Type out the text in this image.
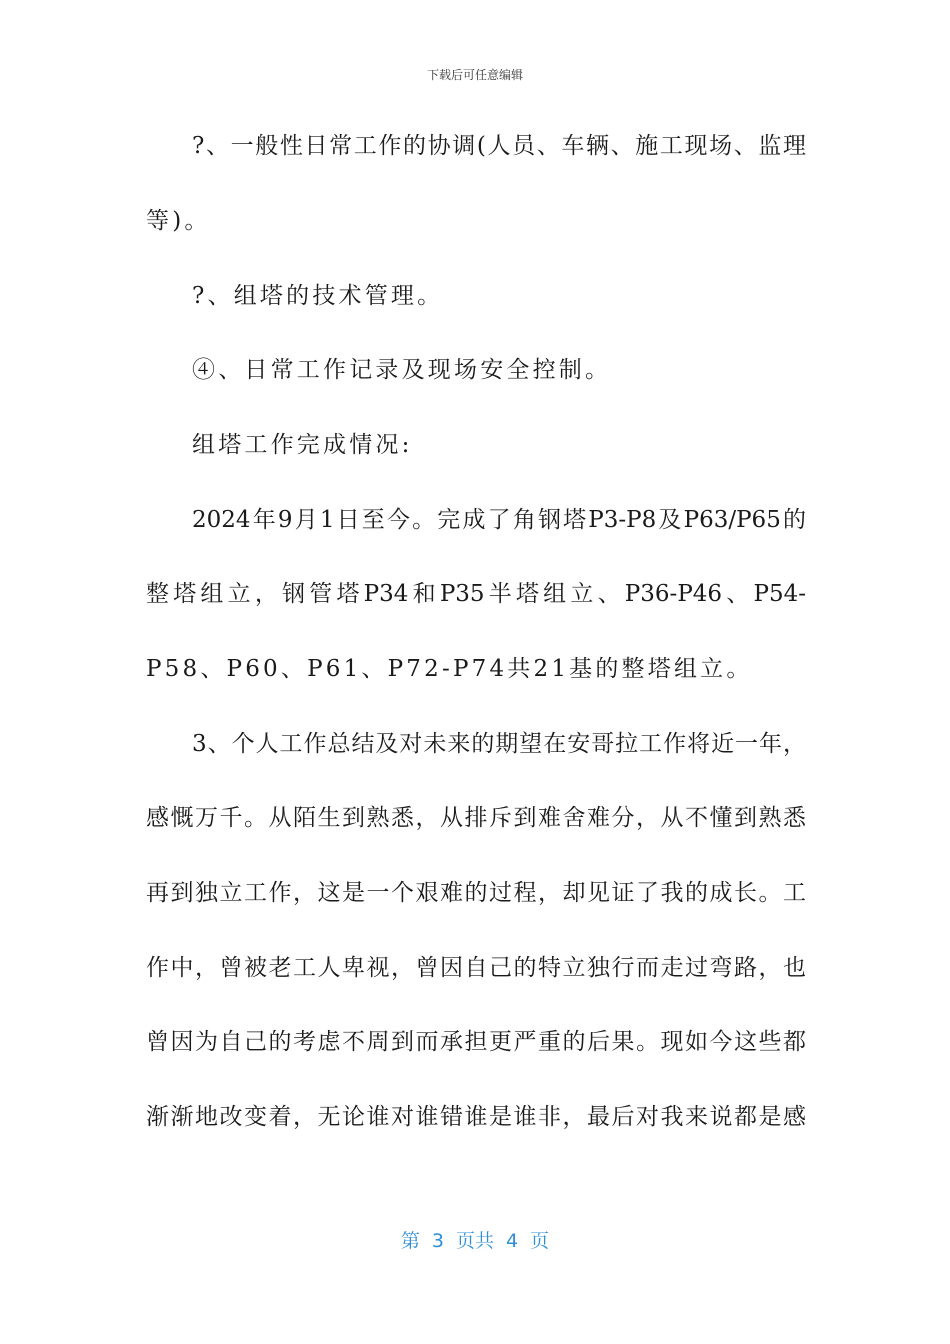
下载后可任意编辑
?、一般性日常工作的协调(人员、车辆、施工现场、监理
等)。
?、组塔的技术管理。
④、日常工作记录及现场安全控制。
组塔工作完成情况:
2024年9月1日至今。完成了角钢塔P3-P8及P63/P65的
整塔组立，钢管塔P34和P35半塔组立、P36-P46、P54-
P58、P60、P61、P72-P74共21基的整塔组立。
3、个人工作总结及对未来的期望在安哥拉工作将近一年，
感慨万千。从陌生到熟悉，从排斥到难舍难分，从不懂到熟悉
再到独立工作，这是一个艰难的过程，却见证了我的成长。工
作中，曾被老工人卑视，曾因自己的特立独行而走过弯路，也
曾因为自己的考虑不周到而承担更严重的后果。现如今这些都
渐渐地改变着，无论谁对谁错谁是谁非，最后对我来说都是感
第 3 页共 4 页
